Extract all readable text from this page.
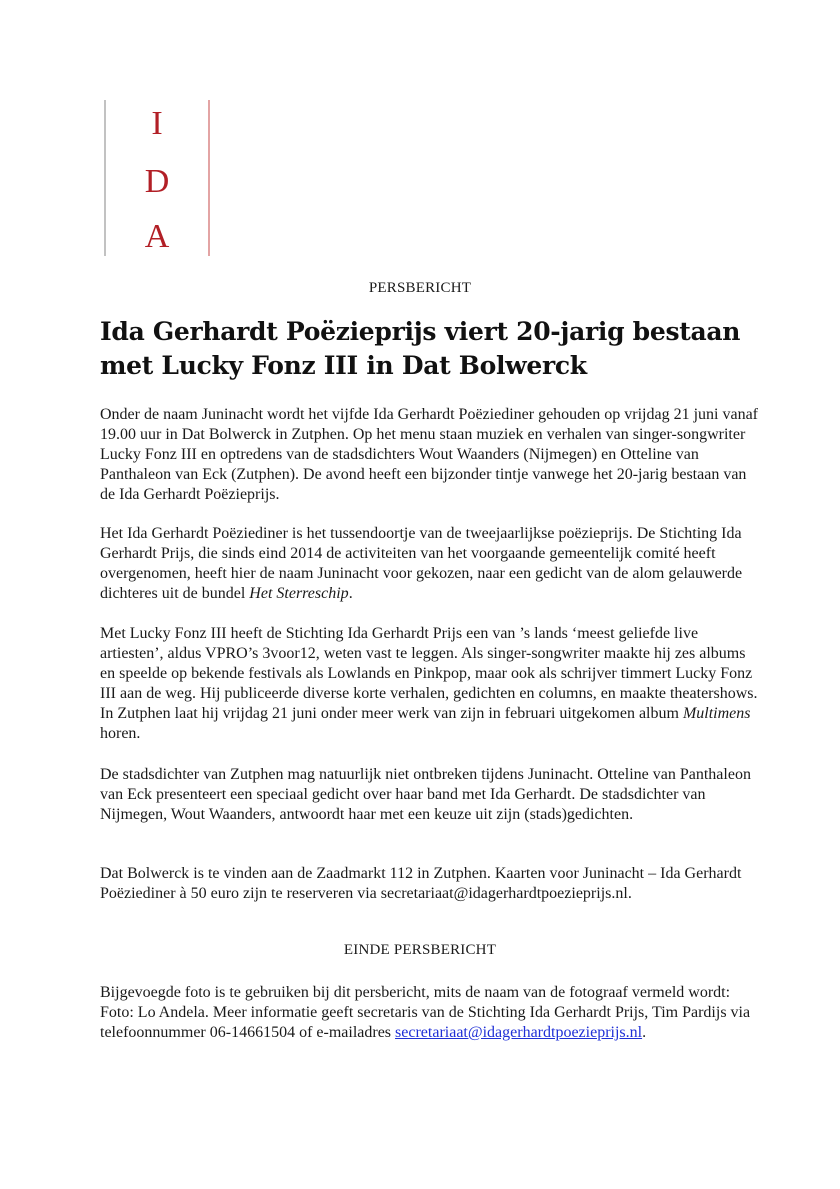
I
D
A
PERSBERICHT
Ida Gerhardt Poëzieprijs viert 20-jarig bestaan
met Lucky Fonz III in Dat Bolwerck

Onder de naam Juninacht wordt het vijfde Ida Gerhardt Poëziediner gehouden op vrijdag 21 juni vanaf 19.00 uur in Dat Bolwerck in Zutphen. Op het menu staan muziek en verhalen van singer-songwriter Lucky Fonz III en optredens van de stadsdichters Wout Waanders (Nijmegen) en Otteline van Panthaleon van Eck (Zutphen). De avond heeft een bijzonder tintje vanwege het 20-jarig bestaan van de Ida Gerhardt Poëzieprijs.

Het Ida Gerhardt Poëziediner is het tussendoortje van de tweejaarlijkse poëzieprijs. De Stichting Ida Gerhardt Prijs, die sinds eind 2014 de activiteiten van het voorgaande gemeentelijk comité heeft overgenomen, heeft hier de naam Juninacht voor gekozen, naar een gedicht van de alom gelauwerde dichteres uit de bundel Het Sterreschip.

Met Lucky Fonz III heeft de Stichting Ida Gerhardt Prijs een van ’s lands ‘meest geliefde live artiesten’, aldus VPRO’s 3voor12, weten vast te leggen. Als singer-songwriter maakte hij zes albums en speelde op bekende festivals als Lowlands en Pinkpop, maar ook als schrijver timmert Lucky Fonz III aan de weg. Hij publiceerde diverse korte verhalen, gedichten en columns, en maakte theatershows. In Zutphen laat hij vrijdag 21 juni onder meer werk van zijn in februari uitgekomen album Multimens horen.

De stadsdichter van Zutphen mag natuurlijk niet ontbreken tijdens Juninacht. Otteline van Panthaleon van Eck presenteert een speciaal gedicht over haar band met Ida Gerhardt. De stadsdichter van Nijmegen, Wout Waanders, antwoordt haar met een keuze uit zijn (stads)gedichten.

Dat Bolwerck is te vinden aan de Zaadmarkt 112 in Zutphen. Kaarten voor Juninacht – Ida Gerhardt Poëziediner à 50 euro zijn te reserveren via secretariaat@idagerhardtpoezieprijs.nl.

EINDE PERSBERICHT

Bijgevoegde foto is te gebruiken bij dit persbericht, mits de naam van de fotograaf vermeld wordt: Foto: Lo Andela. Meer informatie geeft secretaris van de Stichting Ida Gerhardt Prijs, Tim Pardijs via telefoonnummer 06-14661504 of e-mailadres secretariaat@idagerhardtpoezieprijs.nl.
